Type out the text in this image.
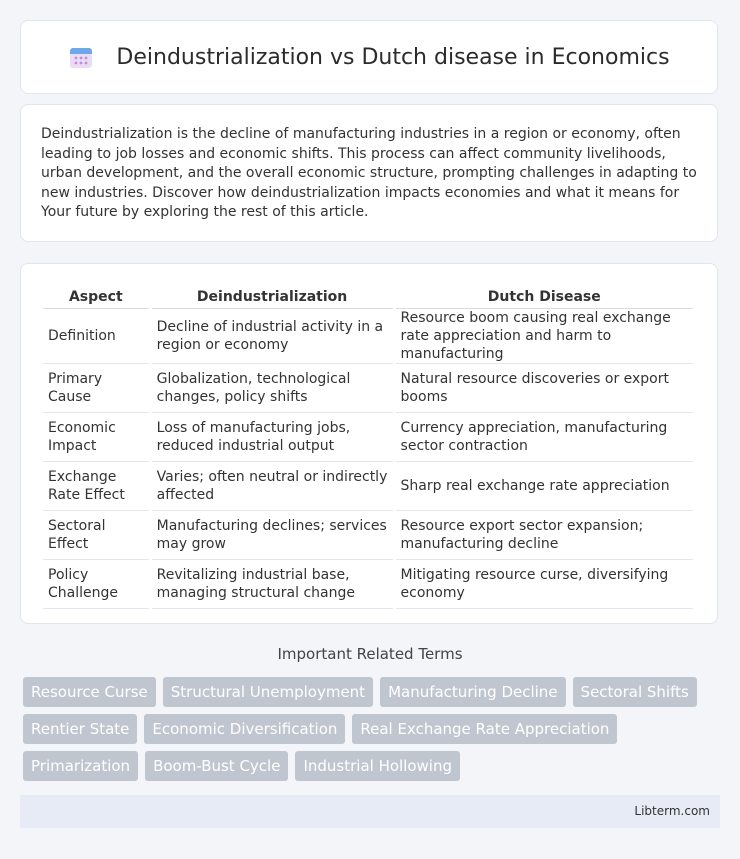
Deindustrialization vs Dutch disease in Economics

Deindustrialization is the decline of manufacturing industries in a region or economy, often leading to job losses and economic shifts. This process can affect community livelihoods, urban development, and the overall economic structure, prompting challenges in adapting to new industries. Discover how deindustrialization impacts economies and what it means for Your future by exploring the rest of this article.

Aspect	Deindustrialization	Dutch Disease
Definition	Decline of industrial activity in a region or economy	Resource boom causing real exchange rate appreciation and harm to manufacturing
Primary Cause	Globalization, technological changes, policy shifts	Natural resource discoveries or export booms
Economic Impact	Loss of manufacturing jobs, reduced industrial output	Currency appreciation, manufacturing sector contraction
Exchange Rate Effect	Varies; often neutral or indirectly affected	Sharp real exchange rate appreciation
Sectoral Effect	Manufacturing declines; services may grow	Resource export sector expansion; manufacturing decline
Policy Challenge	Revitalizing industrial base, managing structural change	Mitigating resource curse, diversifying economy
Important Related Terms
Resource Curse	Structural Unemployment	Manufacturing Decline	Sectoral Shifts
Rentier State	Economic Diversification	Real Exchange Rate Appreciation
Primarization	Boom-Bust Cycle	Industrial Hollowing
Libterm.com
